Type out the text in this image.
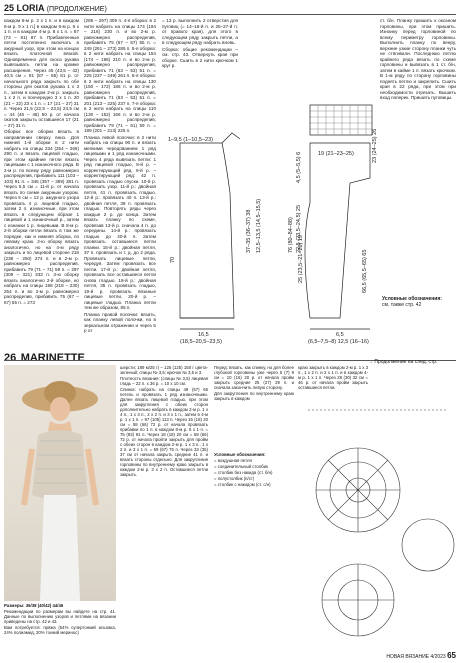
25 LORIA (ПРОДОЛЖЕНИЕ)

каждом 8-м р. 2 x 1 п. и в каждом 6-м р. 9 x 1 п.] в каждом 6-м р. 6 x 1 п. и в каждом 4-м р. 8 x 1 п. = 87 (73 – 81) 87 п. Прибавленные петли постепенно включать в ажурный узор, при этом на концах вязать платочной вязкой. Одновременно для скоса рукава вывязывать петли на кромке расширения. Через 45 (43,5 – 42) 40,5 см = 91 (87 – 85) 81 р. от начального ряда закрыть по обе стороны для окатов рукава 1 x 3 п., затем в каждом 2-м р. закрыть 1 x 2 п. и поочередно 3 x 1 п. 20 (21 – 22) 23 x 1 п. = 17 (21 – 27) 31 п. Через 21,5 (22,5 – 23,5) 24,5 см = 44 (46 – 48) 50 р. от начала окатов закрыть оставшиеся 17 (21 – 27) 31 п.

Оборки: все оборки вязать в направлении сверху вниз. Для нижней 1-й оборки в 2 нити набрать на спицы 234 (254 – 266) 290 п. и вязать лицевой гладью, при этом крайние петли вязать лицевыми с 1 изнаночного ряда. В 2-м р. по всему ряду равномерно распределив, прибавить 111 (103 – 103) 91 п. = 345 (357 – 369) 381 п. Через 5,5 см = 11-й р. от начала вязать по схеме ажурным узором. Через 5 см = 12 р. ажурного узора провязать 4 р. лицевой гладью, затем 2 п. изнаночные, при этом вязать в следующем образе 1 лицевой и 1 изнаночный р., затем с изнанки 1 р. лицевыми. В 8-м р. 2-й оборки петли вязать в том же порядке, как и нижняя оборка, по левому краю. 2-ю оборку вязать аналогично, но на 4-м ряду закрыть и по лицевой стороне 218 (238 – 250) 274 п. и в 2-м р. равномерно распределив, прибавить 79 (71 – 71) 59 п. = 297 (309 – 321) 333 п. 3-ю оборку вязать аналогично 2-й оборке, но набрать на спицы 198 (218 – 230) 254 п. и во 2-м р. равномерно распределив, прибавить 75 (67 – 67) 55 п. = 273

(285 – 297) 309 п. 4-я оборка: в 2 нити набрать на спицы 174 (194 – 216) 230 п. и во 2-м р. равномерно распределив, прибавить 75 (67 – 57) 55 п. = 249 (261 – 273) 285 п. 5-я оборка: в 2 нити набрать на спицы 154 (174 – 196) 210 п. и во 2-м р. равномерно распределив, прибавить 71 (63 – 53) 51 п. = 225 (237 – 249) 261 п. 6-я оборка: в 2 нити набрать на спицы 130 (150 – 172) 186 п. и во 2-м р. равномерно распределив, прибавить 71 (63 – 53) 51 п. = 201 (213 – 225) 237 п. 7-я оборка: в 2 нити набрать на спицы 110 (130 – 152) 166 п. и во 2-м р. равномерно распределив, прибавить 79 (71 – 61) 59 п. = 189 (201 – 213) 225 п.

Планка левой полочки: в 2 нити набрать на спицы 90 п. и вязать мелкими чередованием 1 ряд лицевыми и 1 ряд изнаночными. Через 4 ряда вывязать петли: 1 ряд лицевой гладью, 8-й р. – корректирующий ряд. 9-й р. – корректирующий ряд: 42 п. провязать гладью спуски. 10-й р. провязать узор. 11-й р.: двойная петля, 41 п. провязать гладью. 12-й р.: провязать 40 п. 13-й р.: двойная петля, 39 п. провязать гладью. Повторять ряды через каждые 2 р. до конца. Затем вязать планку по схеме, провязав 13-й р. сначала 4 п. до середины. 14-й р.: провязать гладью до 40-й п. Затем провязать оставшиеся петли планки. 15-й р.: двойная петля, 37 п. провязать и т. д. до 2 ряда. Провязать лицевые петли, чередуя. Затем провязать все петли. 17-й р.: двойная петля, провязать все оставшиеся петли снова гладью. 18-й р.: двойная петля, 35 п. провязать гладью, 19-й р. провязать вязаные лицевые петли, 20-й р. – лицевые гладью. Планка петли тем же образом, 85 п.

Планка правой полочки: вязать, как планку левой полочки, но в зеркальном отражении и через 5 р от

= 13 р. выполнить 2 отверстия для пуговиц (= 14–16-й п. и 25–27-й п. от правого края), для этого в следующем ряду закрыть петли, а в следующем ряду набрать вновь.

Сборка: общие рекомендации – см. стр. 43. Отвернуть края при сборке. Сшить в 2 нити крючком 1 круг р.

ст. б/н. Планку пришить к оксаном горловины, при этом пришить. Изнанку перед горловиной по всему периметру горловины. Выполнить планку по вееру, верхние узкие сторону планки чуть не стягивали. Последнюю петлю крайнего ряда вязать по схеме горловины и вывязать в 1 ст. б/н, затем в кайме 1 п. вязать крючком. В 1-м ряду по сторону горловины поднять петлю и закрепить. Сшить края в 22 ряда, при этом при необходимости отрезать. Вышить вход поперек. Пришить пуговицы.

1–9,5 (1–10,5–23)
25 (23,5–21–20) 19
70
4,5 (5–5,5) 6
23 (24–25) 26
19 (21–23–25)
22,5 (23,5–24,5) 25
76 (80–84–88)
37–35 (36–37) 38 12,5–13,5 (14,5–15,5)
66,5 (65,5–65) 65
16,5
(18,5–20,5–23,5)
6,5
(6,5–7,5–8) 12,5 (16–16)
Условные обозначения:
см. также стр. 42
26 MARINETTE

Размеры: 36/38 (40/42) 44/46

Рекомендации по размерам вы найдете на стр. 41. Данные по выполнению узоров и петлями на вязании приведены на стр. 42 и 43.

Вам потребуется: пряжа (54% супертонкий альпака, 24% полиамид, 20% тонкий меринос)

шерсти; 189 м/25 г) – 125 (125) 150 г цвета-зеленый; спицы № 3,5; крючок № 3,5 и 3.

Плотность вязания: (спицы № 3,5) лицевая гладь – 22 п. x 36 р. = 10 x 10 см.

Спинка: набрать на спицы 49 (57) 65 петель и провязать 1 ряд изнаночными. Далее вязать лицевой гладью, при этом для закругления с обеих сторон дополнительно набрать в каждом 2-м р. 1 x 4 п., 1 x 3 п., 2 x 2 п. и 3 x 1 п., затем в 4-м р. 1 x 1 п. = 97 (105) 113 п. Через 16 (18) 20 см = 58 (66) 72 р. от начала провязать прибавки по 1 п. в каждом 8-м р. 5 x 1 п. = 75 (83) 91 п. Через 18 (18) 20 см = 58 (66) 72 р. от начала пройти закрыть для пройм с обеих сторон в каждом 2-м р. 1 x 3 п., 1 x 2 п. и 3 x 1 п. = 59 (67) 75 п. Через 33 (35) 37 см от начала закрыть средние 41 п. и вязать стороны отдельно. Для закругления горловины по внутреннему краю закрыть в каждом 2-м р. 3 x 2 п. Оставшиеся петли закрыть.

Перед: вязать, как спинку, но для более глубокой горловины уже через 5 (7) 9 см = 10 (16) 20 р. от начала пройм закрыть средние 25 (27) 29 п. и сначала закончить левую сторону.

Для закругления по внутреннему краю закрыть в каждом

Условные обозначения:

= воздушная петля

= соединительный столбик

= столбик без накида (ст. б/н)

= полустолбик (п/ст)

= столбик с накидом (ст. с/н)

краю закрыть в каждом 2-м р. 1 x 3 п., 1 x 2 п. и 2 x 1 п. и в каждом 4-м р. 1 x 1 п. Через 28 (30) 32 см = 46 р. от начала пройм закрыть оставшиеся петли.

→ Продолжение на след. стр.
НОВАЯ ВЯЗАНИЕ 4/2023 65
